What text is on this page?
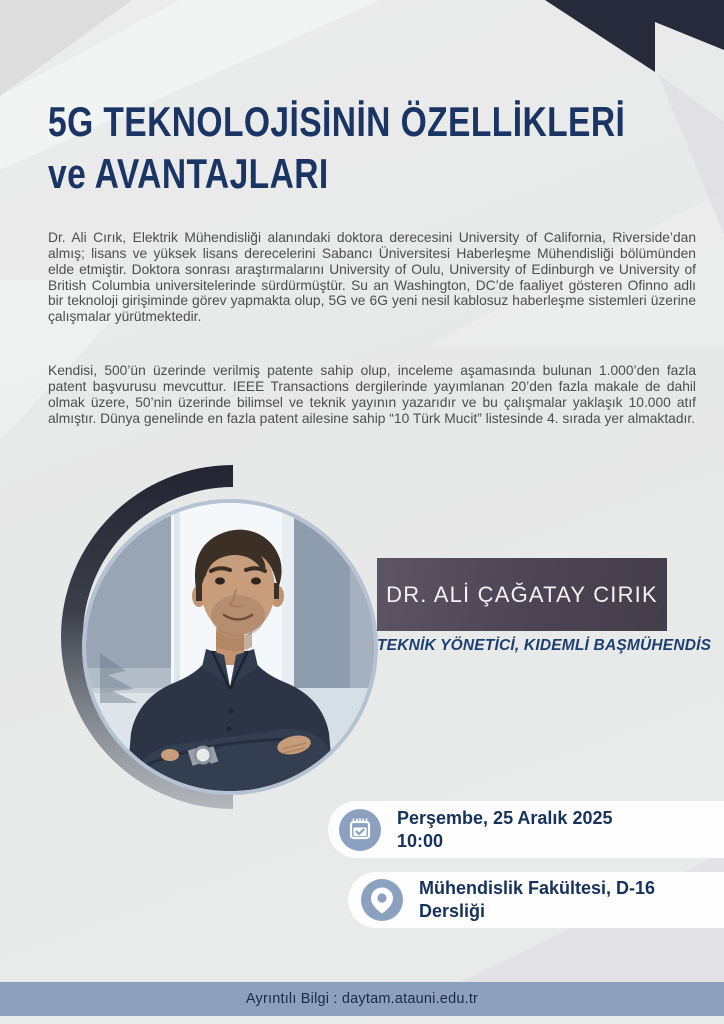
5G TEKNOLOJİSİNİN ÖZELLİKLERİ
ve AVANTAJLARI

Dr. Ali Cırık, Elektrik Mühendisliği alanındaki doktora derecesini University of California, Riverside’dan almış; lisans ve yüksek lisans derecelerini Sabancı Üniversitesi Haberleşme Mühendisliği bölümünden elde etmiştir. Doktora sonrası araştırmalarını University of Oulu, University of Edinburgh ve University of British Columbia universitelerinde sürdürmüştür. Su an Washington, DC’de faaliyet gösteren Ofinno adlı bir teknoloji girişiminde görev yapmakta olup, 5G ve 6G yeni nesil kablosuz haberleşme sistemleri üzerine çalışmalar yürütmektedir.

Kendisi, 500’ün üzerinde verilmiş patente sahip olup, inceleme aşamasında bulunan 1.000’den fazla patent başvurusu mevcuttur. IEEE Transactions dergilerinde yayımlanan 20’den fazla makale de dahil olmak üzere, 50’nin üzerinde bilimsel ve teknik yayının yazarıdır ve bu çalışmalar yaklaşık 10.000 atıf almıştır. Dünya genelinde en fazla patent ailesine sahip “10 Türk Mucit” listesinde 4. sırada yer almaktadır.

DR. ALİ ÇAĞATAY CIRIK
TEKNİK YÖNETİCİ, KIDEMLİ BAŞMÜHENDİS
Perşembe, 25 Aralık 2025
10:00
Mühendislik Fakültesi, D-16
Dersliği
Ayrıntılı Bilgi : daytam.atauni.edu.tr
